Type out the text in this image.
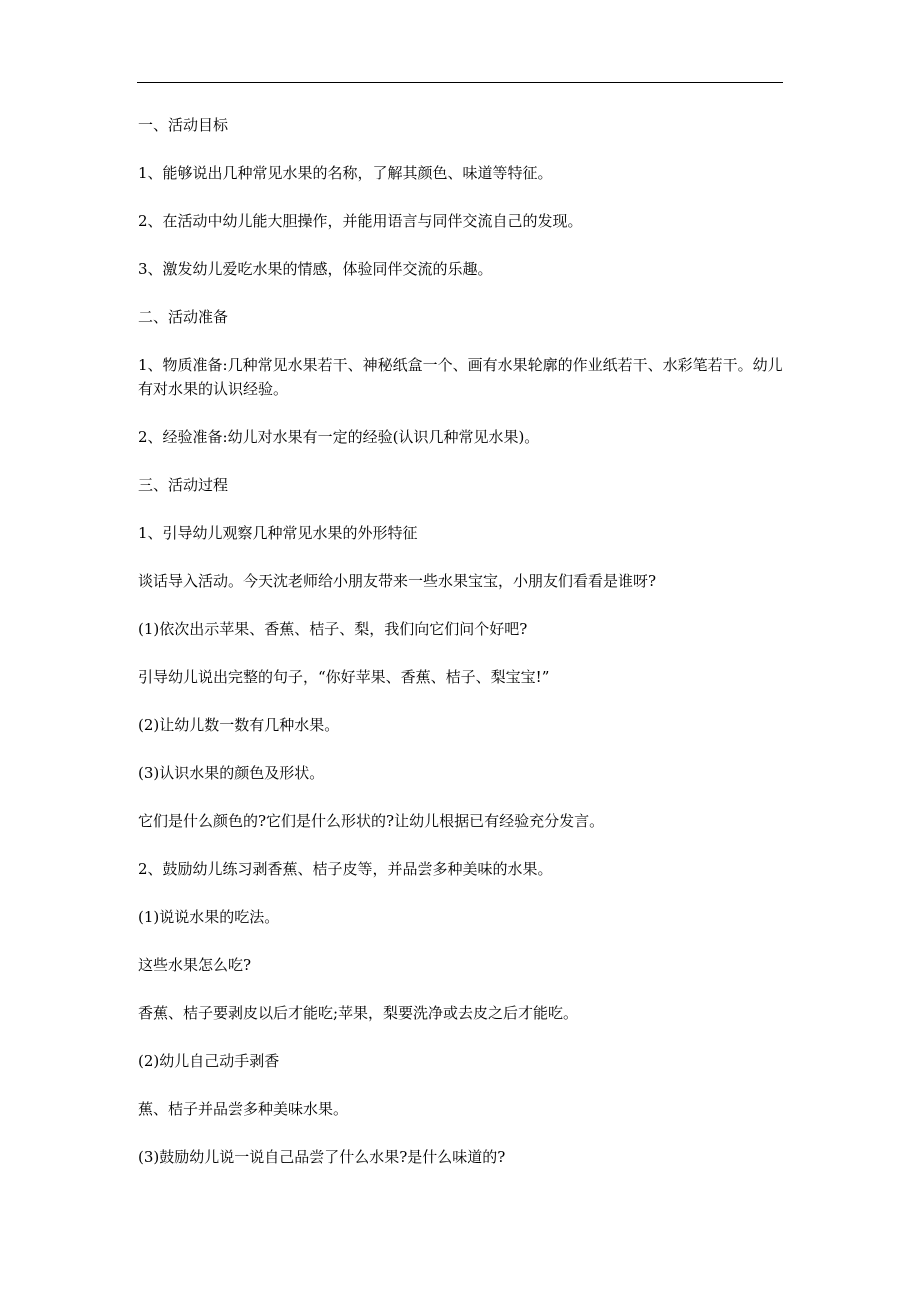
一、活动目标

1、能够说出几种常见水果的名称，了解其颜色、味道等特征。

2、在活动中幼儿能大胆操作，并能用语言与同伴交流自己的发现。

3、激发幼儿爱吃水果的情感，体验同伴交流的乐趣。

二、活动准备

1、物质准备:几种常见水果若干、神秘纸盒一个、画有水果轮廓的作业纸若干、水彩笔若干。幼儿有对水果的认识经验。

2、经验准备:幼儿对水果有一定的经验(认识几种常见水果)。

三、活动过程

1、引导幼儿观察几种常见水果的外形特征

谈话导入活动。今天沈老师给小朋友带来一些水果宝宝，小朋友们看看是谁呀?

(1)依次出示苹果、香蕉、桔子、梨，我们向它们问个好吧?

引导幼儿说出完整的句子，“你好苹果、香蕉、桔子、梨宝宝!”

(2)让幼儿数一数有几种水果。

(3)认识水果的颜色及形状。

它们是什么颜色的?它们是什么形状的?让幼儿根据已有经验充分发言。

2、鼓励幼儿练习剥香蕉、桔子皮等，并品尝多种美味的水果。

(1)说说水果的吃法。

这些水果怎么吃?

香蕉、桔子要剥皮以后才能吃;苹果，梨要洗净或去皮之后才能吃。

(2)幼儿自己动手剥香

蕉、桔子并品尝多种美味水果。

(3)鼓励幼儿说一说自己品尝了什么水果?是什么味道的?
